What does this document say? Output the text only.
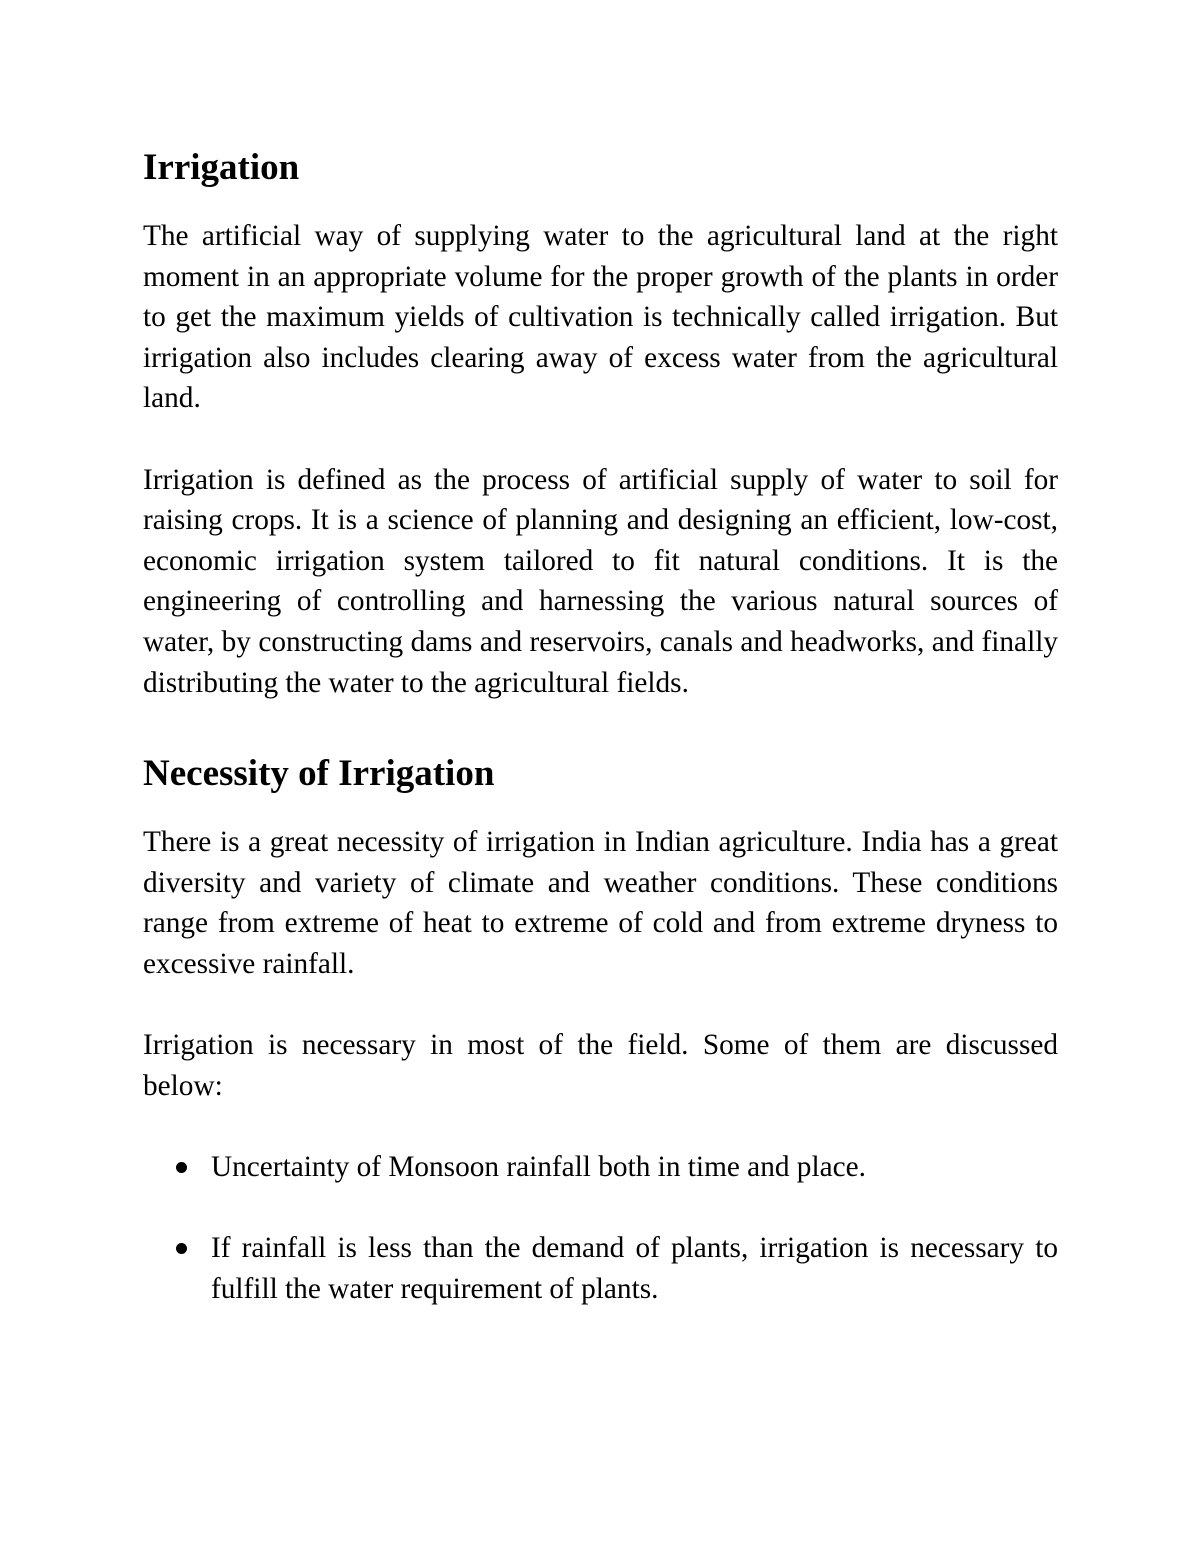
Irrigation

The artificial way of supplying water to the agricultural land at the right moment in an appropriate volume for the proper growth of the plants in order to get the maximum yields of cultivation is technically called irrigation. But irrigation also includes clearing away of excess water from the agricultural land.

Irrigation is defined as the process of artificial supply of water to soil for raising crops. It is a science of planning and designing an efficient, low-cost, economic irrigation system tailored to fit natural conditions. It is the engineering of controlling and harnessing the various natural sources of water, by constructing dams and reservoirs, canals and headworks, and finally distributing the water to the agricultural fields.

Necessity of Irrigation

There is a great necessity of irrigation in Indian agriculture. India has a great diversity and variety of climate and weather conditions. These conditions range from extreme of heat to extreme of cold and from extreme dryness to excessive rainfall.

Irrigation is necessary in most of the field. Some of them are discussed below:

Uncertainty of Monsoon rainfall both in time and place.
If rainfall is less than the demand of plants, irrigation is necessary to fulfill the water requirement of plants.
